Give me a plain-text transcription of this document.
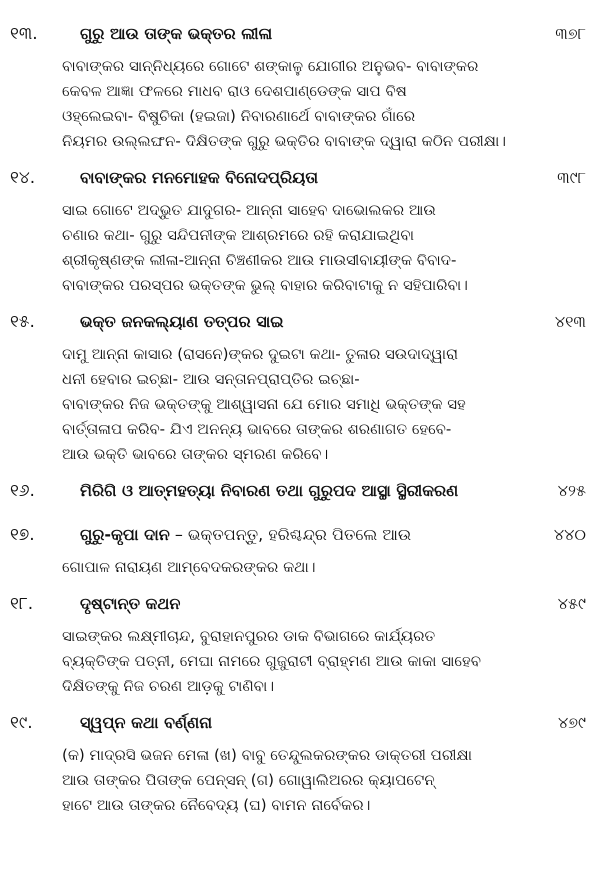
୧୩.	ଗୁରୁ ଆଉ ତାଙ୍କ ଭକ୍ତର ଲୀଳା	୩୭୮
ବାବାଙ୍କର ସାନ୍ନିଧ୍ୟରେ ଗୋଟେ ଶଙ୍କାଳୁ ଯୋଗୀର ଅନୁଭବ- ବାବାଙ୍କର
କେବଳ ଆଜ୍ଞା ଫଳରେ ମାଧବ ରାଓ ଦେଶପାଣ୍ଡେଙ୍କ ସାପ ବିଷ
ଓହ୍ଲେଇବା- ବିଷୁଚିକା (ହଇଜା) ନିବାରଣାର୍ଥେ ବାବାଙ୍କର ଗାଁରେ
ନିୟମର ଉଲ୍ଲଙ୍ଘନ- ଦିକ୍ଷିତଙ୍କ ଗୁରୁ ଭକ୍ତିର ବାବାଙ୍କ ଦ୍ୱାରା କଠିନ ପରୀକ୍ଷା।
୧୪.	ବାବାଙ୍କର ମନମୋହକ ବିନୋଦପ୍ରିୟତା	୩୯୮
ସାଇ ଗୋଟେ ଅଦ୍ଭୁତ ଯାଦୁଗର- ଆନ୍ନା ସାହେବ ଦାଭୋଲକର ଆଉ
ଚଣାର କଥା- ଗୁରୁ ସନ୍ଦିପନୀଙ୍କ ଆଶ୍ରମରେ ରହି କରାଯାଇଥିବା
ଶ୍ରୀକୃଷ୍ଣଙ୍କ ଲୀଳା-ଆନ୍ନା ଚିଞ୍ଚଣୀକର ଆଉ ମାଉସୀବାୟୀଙ୍କ ବିବାଦ-
ବାବାଙ୍କର ପରସ୍ପର ଭକ୍ତଙ୍କ ଭୁଲ୍ ବାହାର କରିବାଟାକୁ ନ ସହିପାରିବା।
୧୫.	ଭକ୍ତ ଜନକଲ୍ୟାଣ ତତ୍ପର ସାଇ	୪୧୩
ଦାମୁ ଆନ୍ନା କାସାର (ରାସନେ)ଙ୍କର ଦୁଇଟା କଥା- ତୁଳାର ସଉଦାଦ୍ୱାରା
ଧନୀ ହେବାର ଇଚ୍ଛା- ଆଉ ସନ୍ତାନପ୍ରାପ୍ତିର ଇଚ୍ଛା-
ବାବାଙ୍କର ନିଜ ଭକ୍ତଙ୍କୁ ଆଶ୍ୱାସନା ଯେ ମୋର ସମାଧି ଭକ୍ତଙ୍କ ସହ
ବାର୍ତ୍ତାଳାପ କରିବ- ଯିଏ ଅନନ୍ୟ ଭାବରେ ତାଙ୍କର ଶରଣାଗତ ହେବେ-
ଆଉ ଭକ୍ତି ଭାବରେ ତାଙ୍କର ସ୍ମରଣ କରିବେ।
୧୬.	ମିରିଗି ଓ ଆତ୍ମହତ୍ୟା ନିବାରଣ ତଥା ଗୁରୁପଦ ଆସ୍ଥା ସ୍ଥିରୀକରଣ	୪୨୫
୧୭.	ଗୁରୁ-କୃପା ଦାନ – ଭକ୍ତପନ୍ତୁ, ହରିଶ୍ଚନ୍ଦ୍ର ପିତଲେ ଆଉ	୪୪୦
ଗୋପାଳ ନାରାୟଣ ଆମ୍ବେଦକରଙ୍କର କଥା।
୧୮.	ଦୃଷ୍ଟାନ୍ତ କଥନ	୪୫୯
ସାଇଙ୍କର ଲକ୍ଷ୍ମୀଚାନ୍ଦ, ବୁରାହାନପୁରର ଡାକ ବିଭାଗରେ କାର୍ଯ୍ୟରତ
ବ୍ୟକ୍ତିଙ୍କ ପତ୍ନୀ, ମେଘା ନାମରେ ଗୁଜୁରାଟୀ ବ୍ରାହ୍ମଣ ଆଉ କାକା ସାହେବ
ଦିକ୍ଷିତଙ୍କୁ ନିଜ ଚରଣ ଆଡ଼କୁ ଟାଣିବା।
୧୯.	ସ୍ୱପ୍ନ କଥା ବର୍ଣ୍ଣନା	୪୭୯
(କ) ମାଦ୍ରସି ଭଜନ ମେଳା (ଖ) ବାବୁ ତେନ୍ଦୁଲକରଙ୍କର ଡାକ୍ତରୀ ପରୀକ୍ଷା
ଆଉ ତାଙ୍କର ପିତାଙ୍କ ପେନ୍ସନ୍ (ଗ) ଗୋୱାଲିଅରର କ୍ୟାପଟେନ୍
ହାଟେ ଆଉ ତାଙ୍କର ନୈବେଦ୍ୟ (ଘ) ବାମନ ନାର୍ବେକର।
